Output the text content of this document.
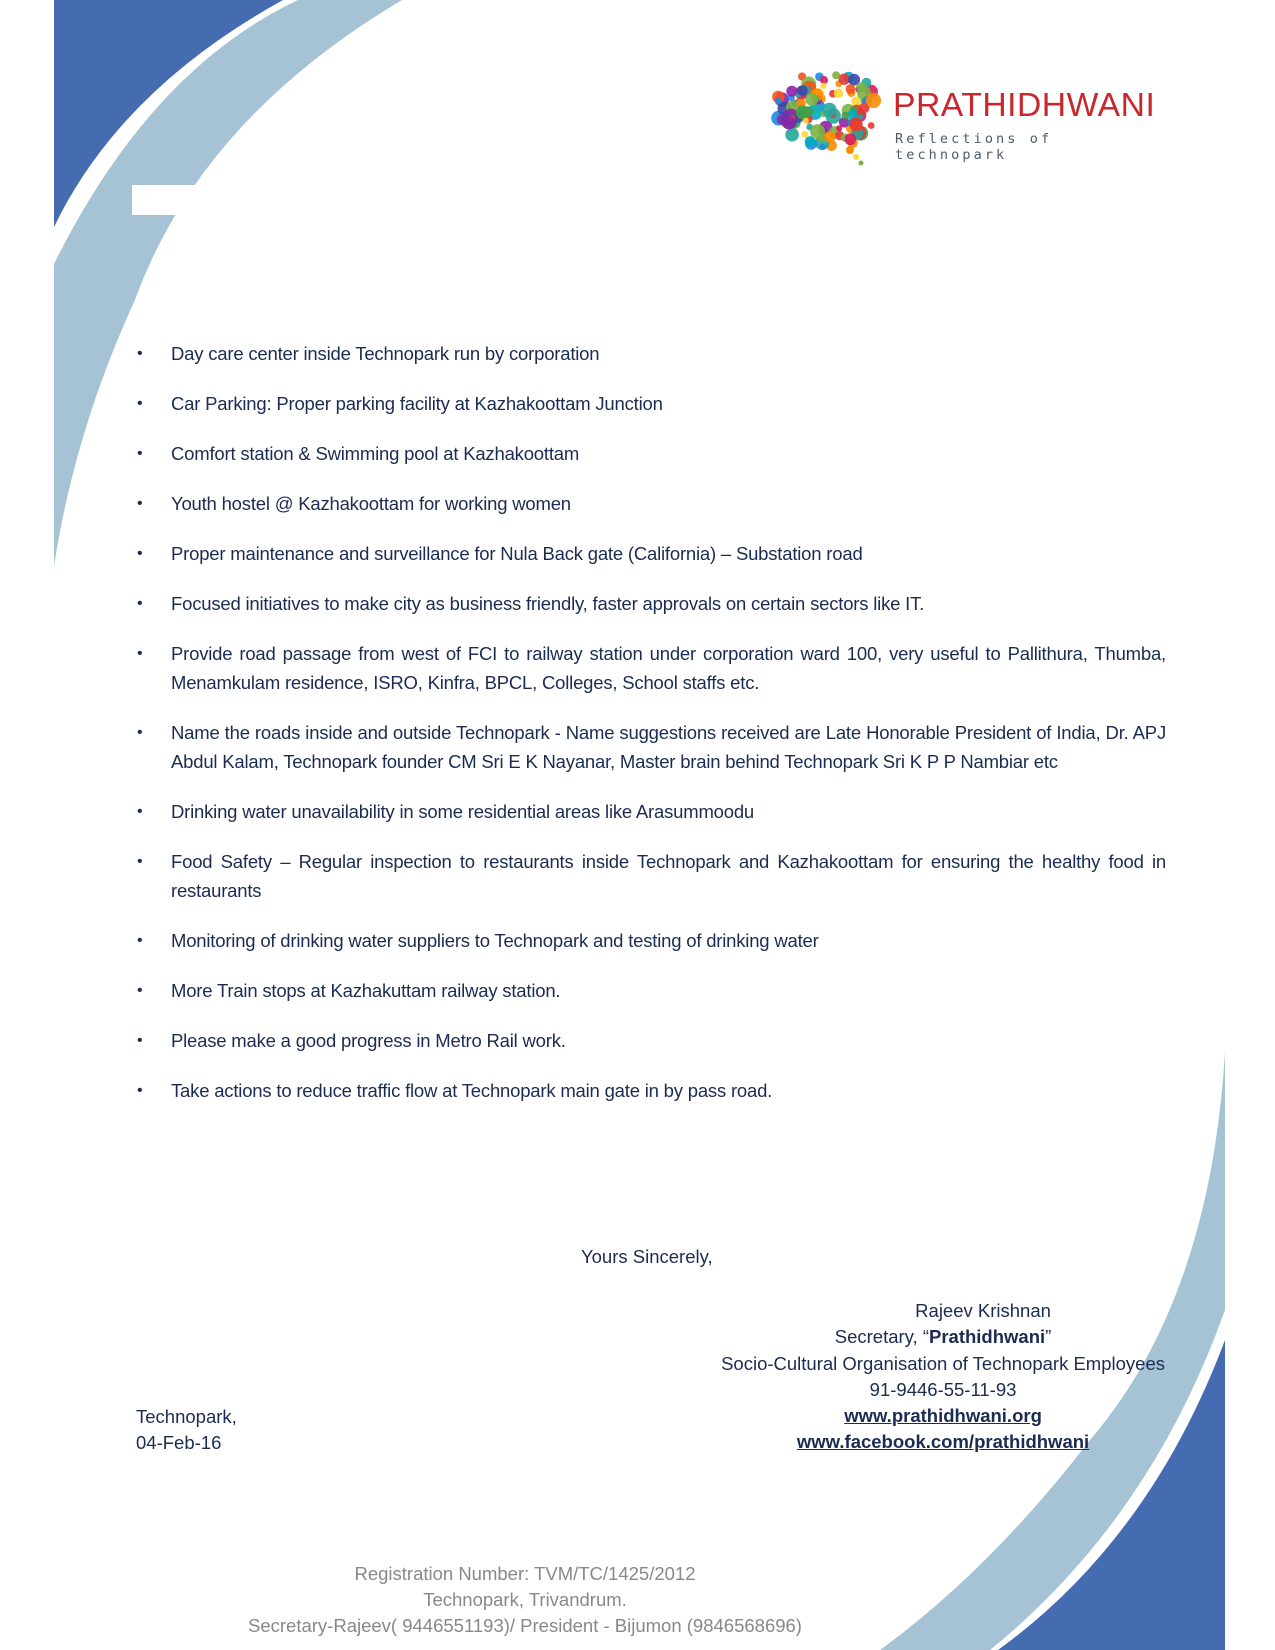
PRATHIDHWANI
Reflections of technopark
• Day care center inside Technopark run by corporation
• Car Parking: Proper parking facility at Kazhakoottam Junction
• Comfort station & Swimming pool at Kazhakoottam
• Youth hostel @ Kazhakoottam for working women
• Proper maintenance and surveillance for Nula Back gate (California) – Substation road
• Focused initiatives to make city as business friendly, faster approvals on certain sectors like IT.
• Provide road passage from west of FCI to railway station under corporation ward 100, very useful to Pallithura, Thumba, Menamkulam residence, ISRO, Kinfra, BPCL, Colleges, School staffs etc.
• Name the roads inside and outside Technopark - Name suggestions received are Late Honorable President of India, Dr. APJ Abdul Kalam, Technopark founder CM Sri E K Nayanar, Master brain behind Technopark Sri K P P Nambiar etc
• Drinking water unavailability in some residential areas like Arasummoodu
• Food Safety – Regular inspection to restaurants inside Technopark and Kazhakoottam for ensuring the healthy food in restaurants
• Monitoring of drinking water suppliers to Technopark and testing of drinking water
• More Train stops at Kazhakuttam railway station.
• Please make a good progress in Metro Rail work.
• Take actions to reduce traffic flow at Technopark main gate in by pass road.
Yours Sincerely,
Rajeev Krishnan
Secretary, “Prathidhwani”
Socio-Cultural Organisation of Technopark Employees
91-9446-55-11-93
www.prathidhwani.org
www.facebook.com/prathidhwani
Technopark,
04-Feb-16
Registration Number: TVM/TC/1425/2012
Technopark, Trivandrum.
Secretary-Rajeev( 9446551193)/ President - Bijumon (9846568696)
